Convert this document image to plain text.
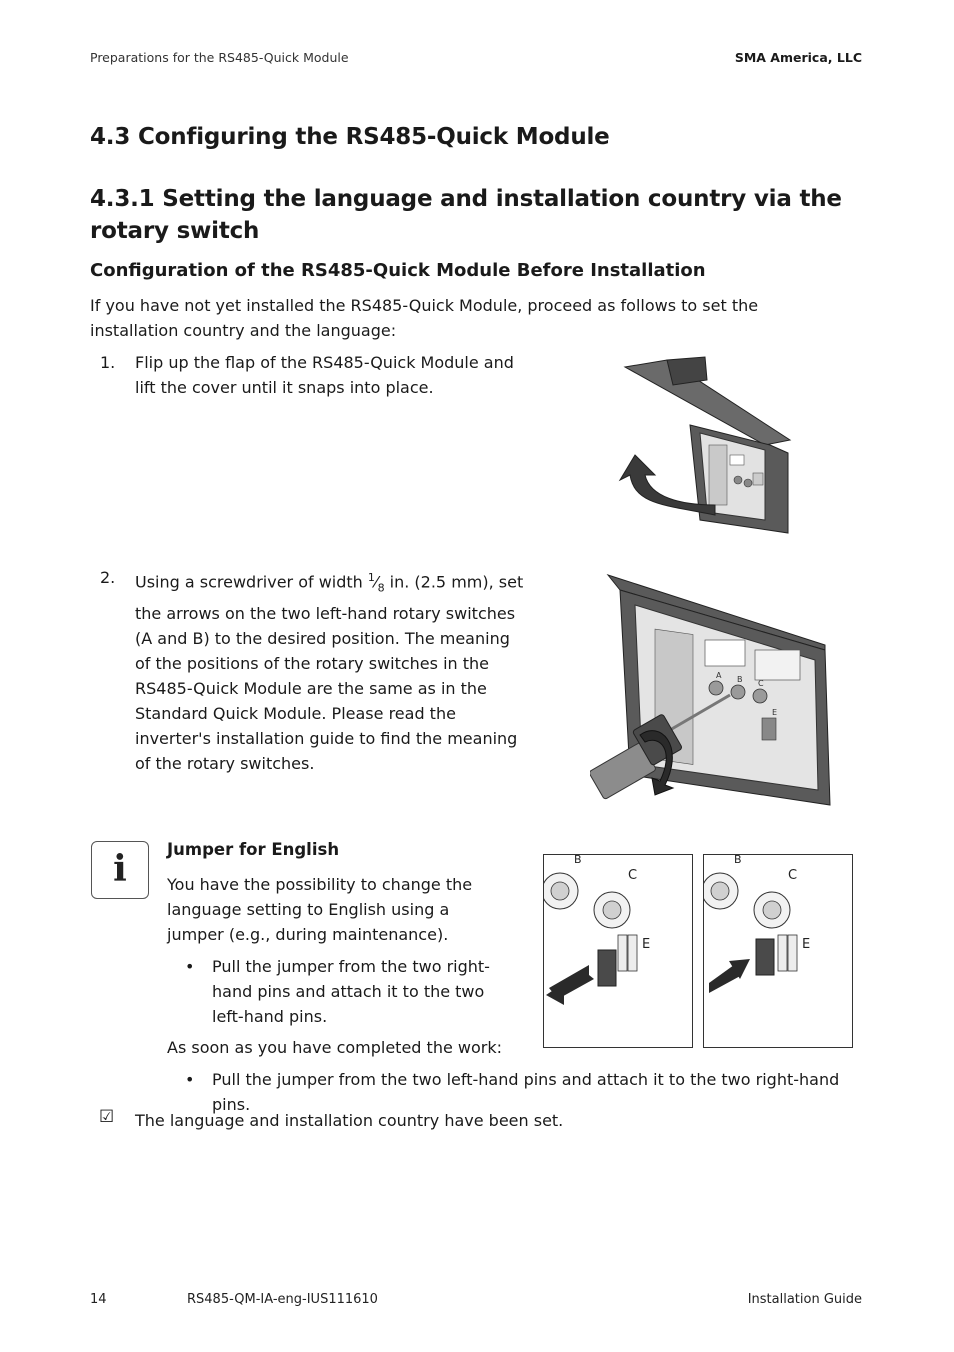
Preparations for the RS485-Quick Module	SMA America, LLC
4.3 Configuring the RS485-Quick Module
4.3.1 Setting the language and installation country via the rotary switch
Configuration of the RS485-Quick Module Before Installation
If you have not yet installed the RS485-Quick Module, proceed as follows to set the installation country and the language:
1. Flip up the flap of the RS485-Quick Module and lift the cover until it snaps into place.
2. Using a screwdriver of width $^1⁄_8$ in. (2.5 mm), set the arrows on the two left-hand rotary switches (A and B) to the desired position. The meaning of the positions of the rotary switches in the RS485-Quick Module are the same as in the Standard Quick Module. Please read the inverter's installation guide to find the meaning of the rotary switches.
A B C
E
i	Jumper for English
You have the possibility to change the language setting to English using a jumper (e.g., during maintenance).
• Pull the jumper from the two right-hand pins and attach it to the two left-hand pins.
As soon as you have completed the work:
• Pull the jumper from the two left-hand pins and attach it to the two right-hand pins.
B
C
E
B
C
E
☑ The language and installation country have been set.
14	RS485-QM-IA-eng-IUS111610	Installation Guide
